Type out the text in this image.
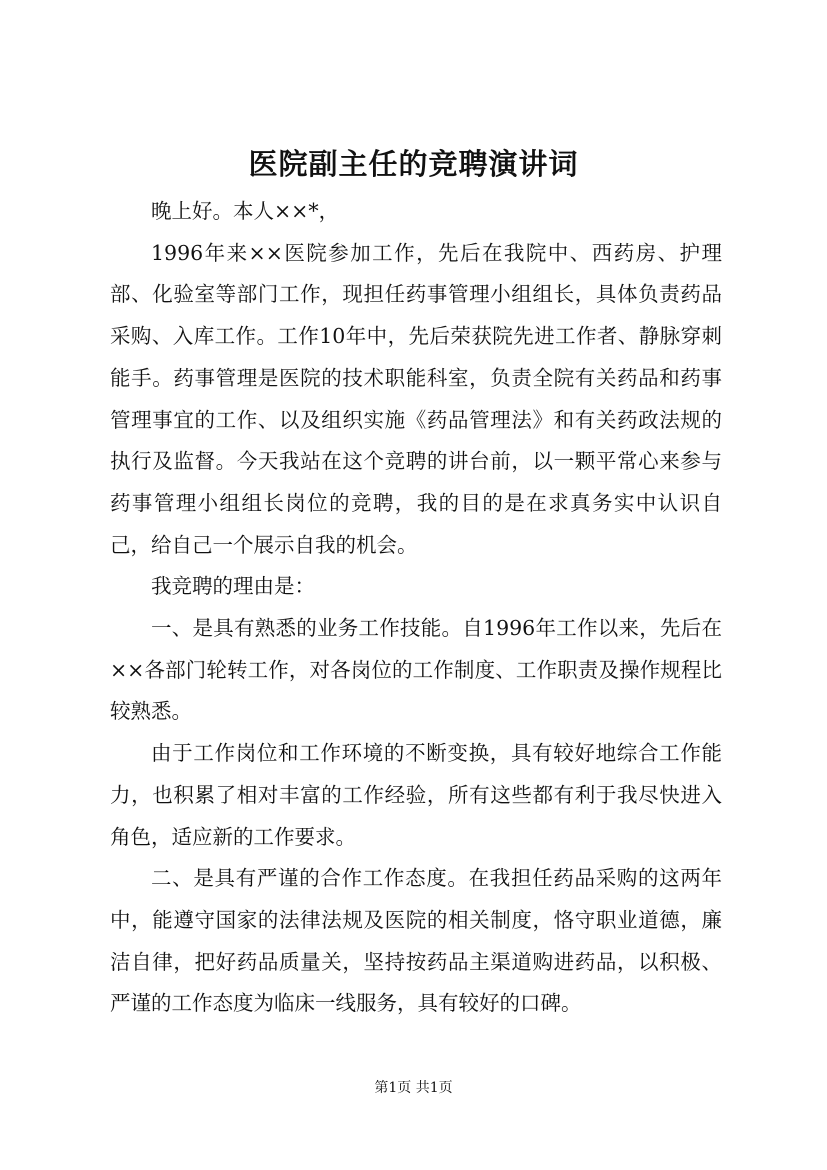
医院副主任的竞聘演讲词

晚上好。本人××*，

1996年来××医院参加工作，先后在我院中、西药房、护理部、化验室等部门工作，现担任药事管理小组组长，具体负责药品采购、入库工作。工作10年中，先后荣获院先进工作者、静脉穿刺能手。药事管理是医院的技术职能科室，负责全院有关药品和药事管理事宜的工作、以及组织实施《药品管理法》和有关药政法规的执行及监督。今天我站在这个竞聘的讲台前，以一颗平常心来参与药事管理小组组长岗位的竞聘，我的目的是在求真务实中认识自己，给自己一个展示自我的机会。

我竞聘的理由是：

一、是具有熟悉的业务工作技能。自1996年工作以来，先后在××各部门轮转工作，对各岗位的工作制度、工作职责及操作规程比较熟悉。

由于工作岗位和工作环境的不断变换，具有较好地综合工作能力，也积累了相对丰富的工作经验，所有这些都有利于我尽快进入角色，适应新的工作要求。

二、是具有严谨的合作工作态度。在我担任药品采购的这两年中，能遵守国家的法律法规及医院的相关制度，恪守职业道德，廉洁自律，把好药品质量关，坚持按药品主渠道购进药品，以积极、严谨的工作态度为临床一线服务，具有较好的口碑。

第1页 共1页
